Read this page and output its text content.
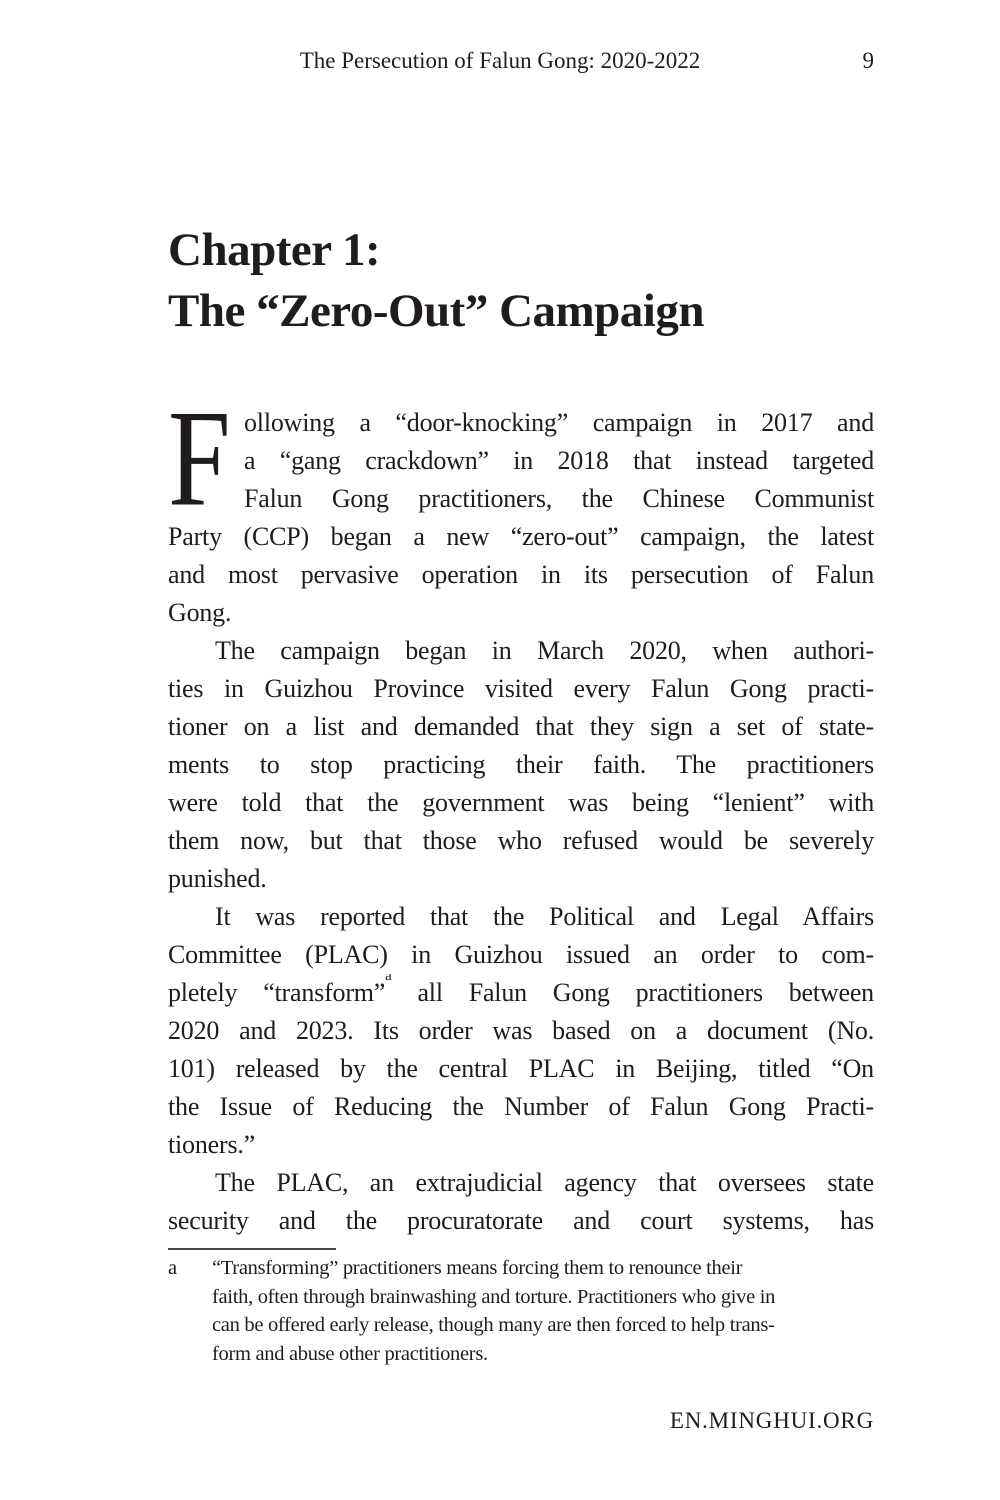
The Persecution of Falun Gong: 2020-2022	9
Chapter 1:
The “Zero-Out” Campaign
F ollowing a “door-knocking” campaign in 2017 and
a “gang crackdown” in 2018 that instead targeted
Falun Gong practitioners, the Chinese Communist
Party (CCP) began a new “zero-out” campaign, the latest
and most pervasive operation in its persecution of Falun
Gong.
The campaign began in March 2020, when authori-
ties in Guizhou Province visited every Falun Gong practi-
tioner on a list and demanded that they sign a set of state-
ments to stop practicing their faith. The practitioners
were told that the government was being “lenient” with
them now, but that those who refused would be severely
punished.
It was reported that the Political and Legal Affairs
Committee (PLAC) in Guizhou issued an order to com-
pletely “transform”$^a$ all Falun Gong practitioners between
2020 and 2023. Its order was based on a document (No.
101) released by the central PLAC in Beijing, titled “On
the Issue of Reducing the Number of Falun Gong Practi-
tioners.”
The PLAC, an extrajudicial agency that oversees state
security and the procuratorate and court systems, has
a “Transforming” practitioners means forcing them to renounce their
faith, often through brainwashing and torture. Practitioners who give in
can be offered early release, though many are then forced to help trans-
form and abuse other practitioners.
EN.MINGHUI.ORG
